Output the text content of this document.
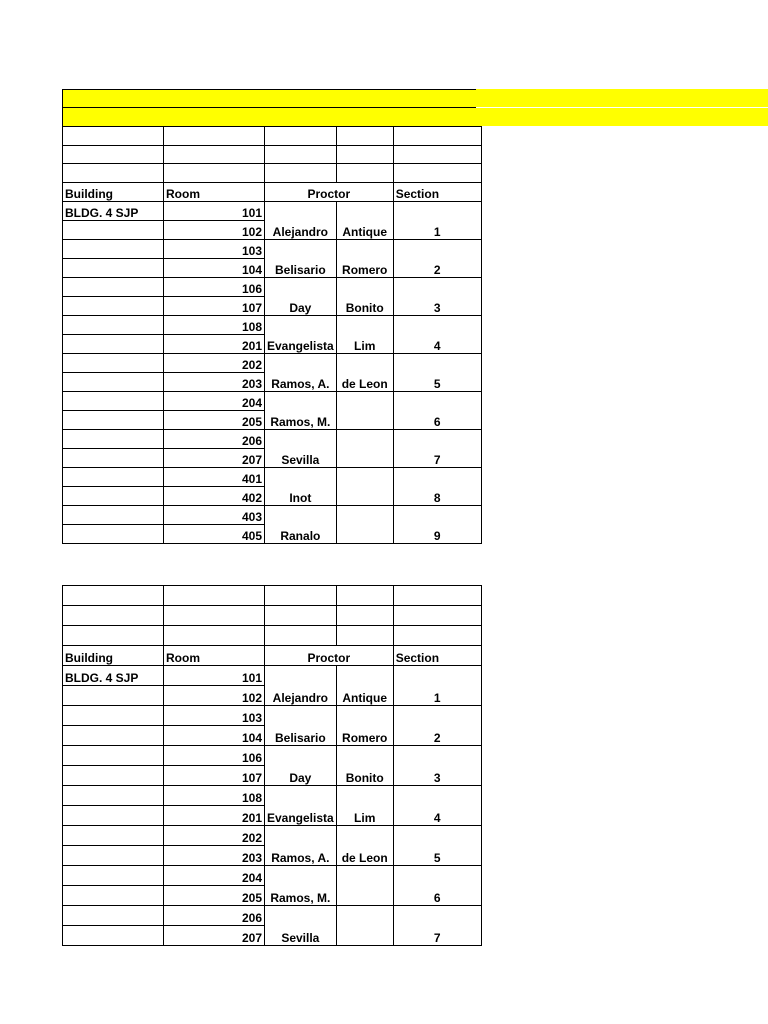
Building	Room	Proctor		Section
BLDG. 4 SJP	101	Alejandro	Antique	1
	102			
	103	Belisario	Romero	2
	104			
	106	Day	Bonito	3
	107			
	108	Evangelista	Lim	4
	201			
	202	Ramos, A.	de Leon	5
	203			
	204	Ramos, M.		6
	205			
	206	Sevilla		7
	207			
	401	Inot		8
	402			
	403	Ranalo		9
	405			

Building	Room	Proctor		Section
BLDG. 4 SJP	101	Alejandro	Antique	1
	102			
	103	Belisario	Romero	2
	104			
	106	Day	Bonito	3
	107			
	108	Evangelista	Lim	4
	201			
	202	Ramos, A.	de Leon	5
	203			
	204	Ramos, M.		6
	205			
	206	Sevilla		7
	207			
